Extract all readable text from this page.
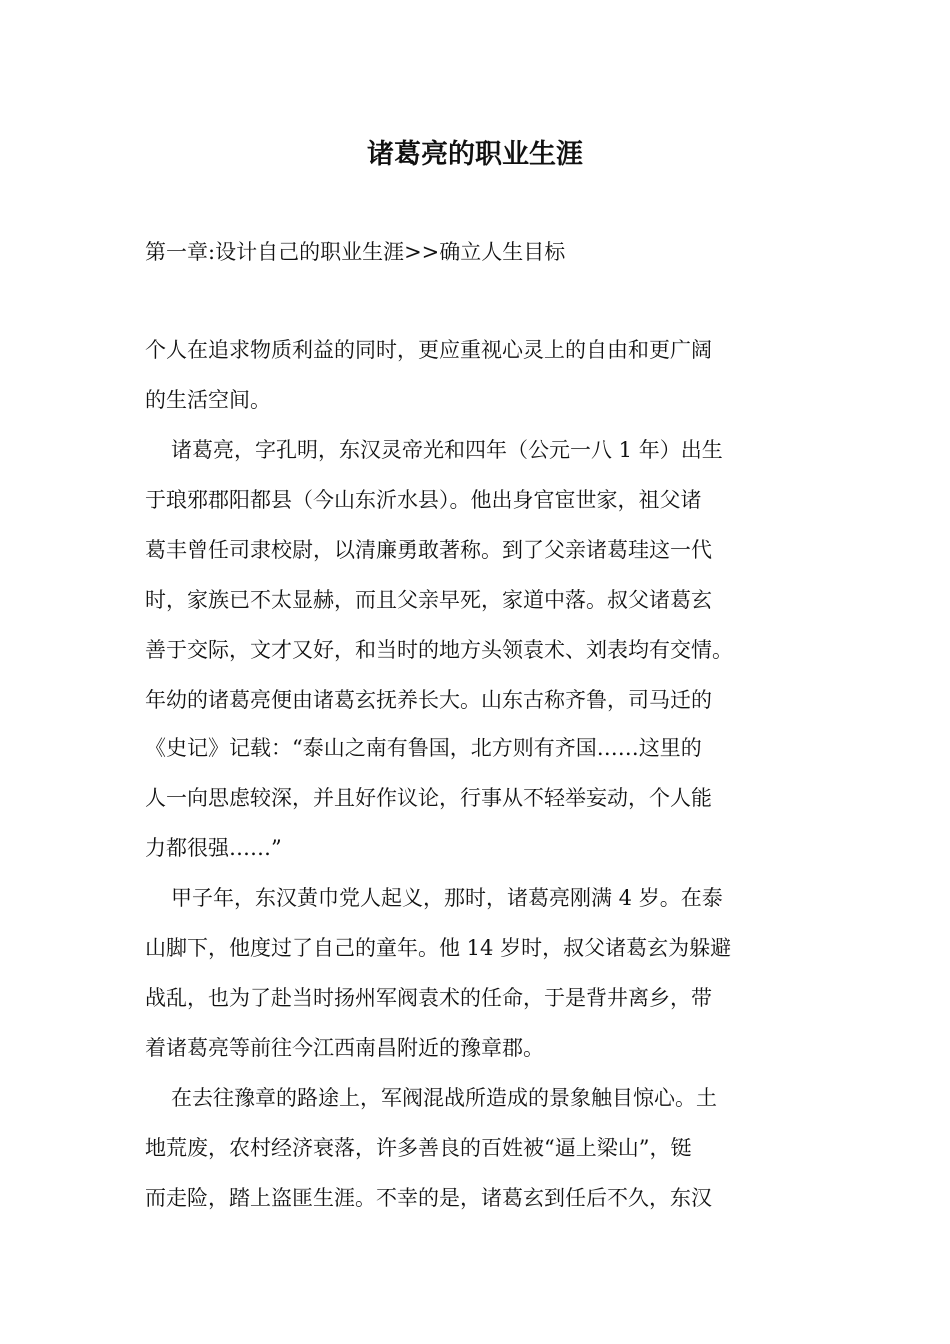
诸葛亮的职业生涯
第一章:设计自己的职业生涯>>确立人生目标
个人在追求物质利益的同时，更应重视心灵上的自由和更广阔
的生活空间。
诸葛亮，字孔明，东汉灵帝光和四年（公元一八 1 年）出生
于琅邪郡阳都县（今山东沂水县）。他出身官宦世家，祖父诸
葛丰曾任司隶校尉，以清廉勇敢著称。到了父亲诸葛珪这一代
时，家族已不太显赫，而且父亲早死，家道中落。叔父诸葛玄
善于交际，文才又好，和当时的地方头领袁术、刘表均有交情。
年幼的诸葛亮便由诸葛玄抚养长大。山东古称齐鲁，司马迁的
《史记》记载：“泰山之南有鲁国，北方则有齐国……这里的
人一向思虑较深，并且好作议论，行事从不轻举妄动，个人能
力都很强……”
甲子年，东汉黄巾党人起义，那时，诸葛亮刚满 4 岁。在泰
山脚下，他度过了自己的童年。他 14 岁时，叔父诸葛玄为躲避
战乱，也为了赴当时扬州军阀袁术的任命，于是背井离乡，带
着诸葛亮等前往今江西南昌附近的豫章郡。
在去往豫章的路途上，军阀混战所造成的景象触目惊心。土
地荒废，农村经济衰落，许多善良的百姓被“逼上梁山”，铤
而走险，踏上盗匪生涯。不幸的是，诸葛玄到任后不久，东汉
